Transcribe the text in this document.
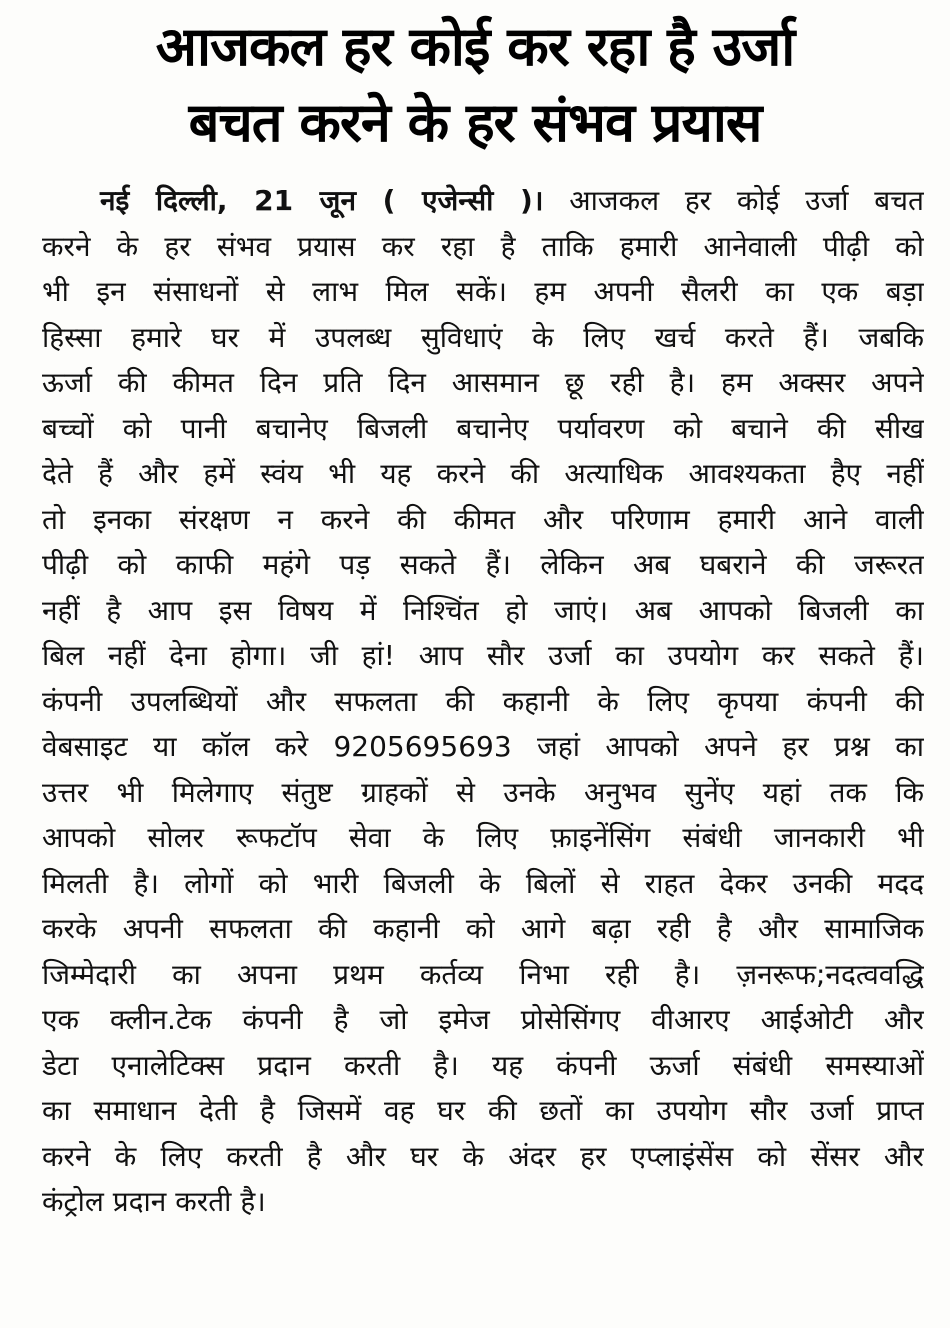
आजकल हर कोई कर रहा है उर्जा
बचत करने के हर संभव प्रयास
नई दिल्ली, 21 जून ( एजेन्सी )। आजकल हर कोई उर्जा बचत
करने के हर संभव प्रयास कर रहा है ताकि हमारी आनेवाली पीढ़ी को
भी इन संसाधनों से लाभ मिल सकें। हम अपनी सैलरी का एक बड़ा
हिस्सा हमारे घर में उपलब्ध सुविधाएं के लिए खर्च करते हैं। जबकि
ऊर्जा की कीमत दिन प्रति दिन आसमान छू रही है। हम अक्सर अपने
बच्चों को पानी बचानेए बिजली बचानेए पर्यावरण को बचाने की सीख
देते हैं और हमें स्वंय भी यह करने की अत्याधिक आवश्यकता हैए नहीं
तो इनका संरक्षण न करने की कीमत और परिणाम हमारी आने वाली
पीढ़ी को काफी महंगे पड़ सकते हैं। लेकिन अब घबराने की जरूरत
नहीं है आप इस विषय में निश्चिंत हो जाएं। अब आपको बिजली का
बिल नहीं देना होगा। जी हां! आप सौर उर्जा का उपयोग कर सकते हैं।
कंपनी उपलब्धियों और सफलता की कहानी के लिए कृपया कंपनी की
वेबसाइट या कॉल करे 9205695693 जहां आपको अपने हर प्रश्न का
उत्तर भी मिलेगाए संतुष्ट ग्राहकों से उनके अनुभव सुनेंए यहां तक कि
आपको सोलर रूफटॉप सेवा के लिए फ़ाइनेंसिंग संबंधी जानकारी भी
मिलती है। लोगों को भारी बिजली के बिलों से राहत देकर उनकी मदद
करके अपनी सफलता की कहानी को आगे बढ़ा रही है और सामाजिक
जिम्मेदारी का अपना प्रथम कर्तव्य निभा रही है। ज़नरूफ;नदत्ववद्धि
एक क्लीन.टेक कंपनी है जो इमेज प्रोसेसिंगए वीआरए आईओटी और
डेटा एनालेटिक्स प्रदान करती है। यह कंपनी ऊर्जा संबंधी समस्याओं
का समाधान देती है जिसमें वह घर की छतों का उपयोग सौर उर्जा प्राप्त
करने के लिए करती है और घर के अंदर हर एप्लाइंसेंस को सेंसर और
कंट्रोल प्रदान करती है।
